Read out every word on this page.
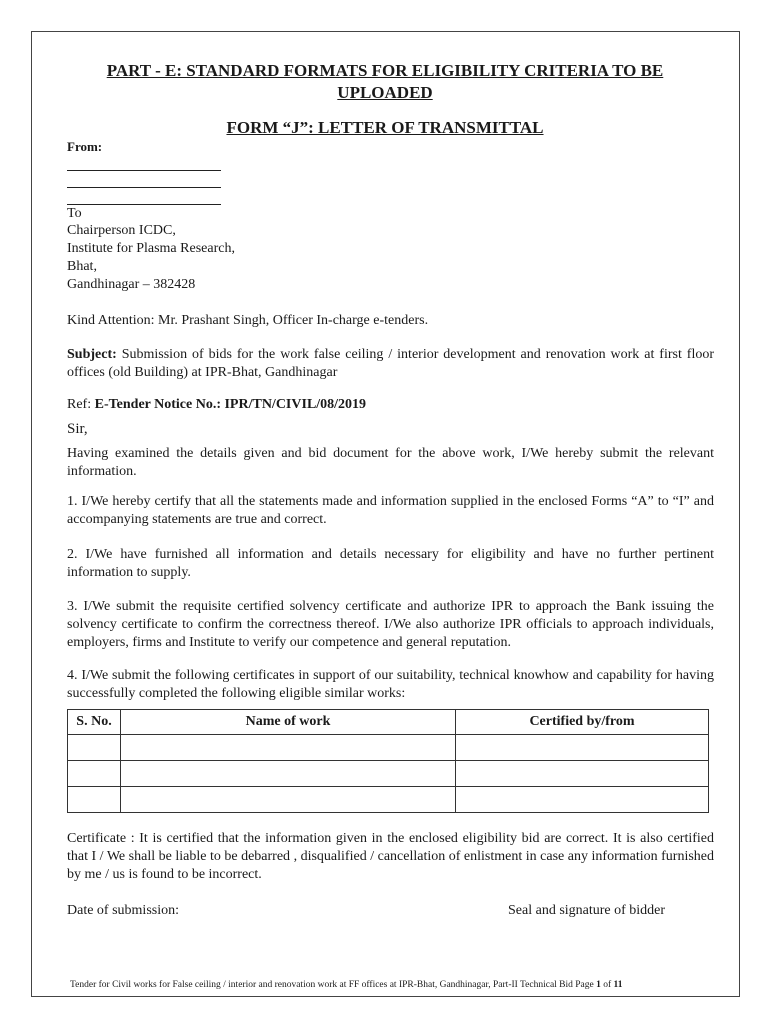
PART - E: STANDARD FORMATS FOR ELIGIBILITY CRITERIA TO BE
UPLOADED
FORM “J”: LETTER OF TRANSMITTAL
From:
To
Chairperson ICDC,
Institute for Plasma Research,
Bhat,
Gandhinagar – 382428
Kind Attention: Mr. Prashant Singh, Officer In-charge e-tenders.
Subject: Submission of bids for the work false ceiling / interior development and renovation work at first floor offices (old Building) at IPR-Bhat, Gandhinagar
Ref: E-Tender Notice No.: IPR/TN/CIVIL/08/2019
Sir,
Having examined the details given and bid document for the above work, I/We hereby submit the relevant information.
1. I/We hereby certify that all the statements made and information supplied in the enclosed Forms “A” to “I” and accompanying statements are true and correct.
2. I/We have furnished all information and details necessary for eligibility and have no further pertinent information to supply.
3. I/We submit the requisite certified solvency certificate and authorize IPR to approach the Bank issuing the solvency certificate to confirm the correctness thereof. I/We also authorize IPR officials to approach individuals, employers, firms and Institute to verify our competence and general reputation.
4. I/We submit the following certificates in support of our suitability, technical knowhow and capability for having successfully completed the following eligible similar works:
S. No.	Name of work	Certified by/from

Certificate : It is certified that the information given in the enclosed eligibility bid are correct. It is also certified that I / We shall be liable to be debarred , disqualified / cancellation of enlistment in case any information furnished by me / us is found to be incorrect.
Date of submission:	Seal and signature of bidder
Tender for Civil works for False ceiling / interior and renovation work at FF offices at IPR-Bhat, Gandhinagar, Part-II Technical Bid Page 1 of 11
